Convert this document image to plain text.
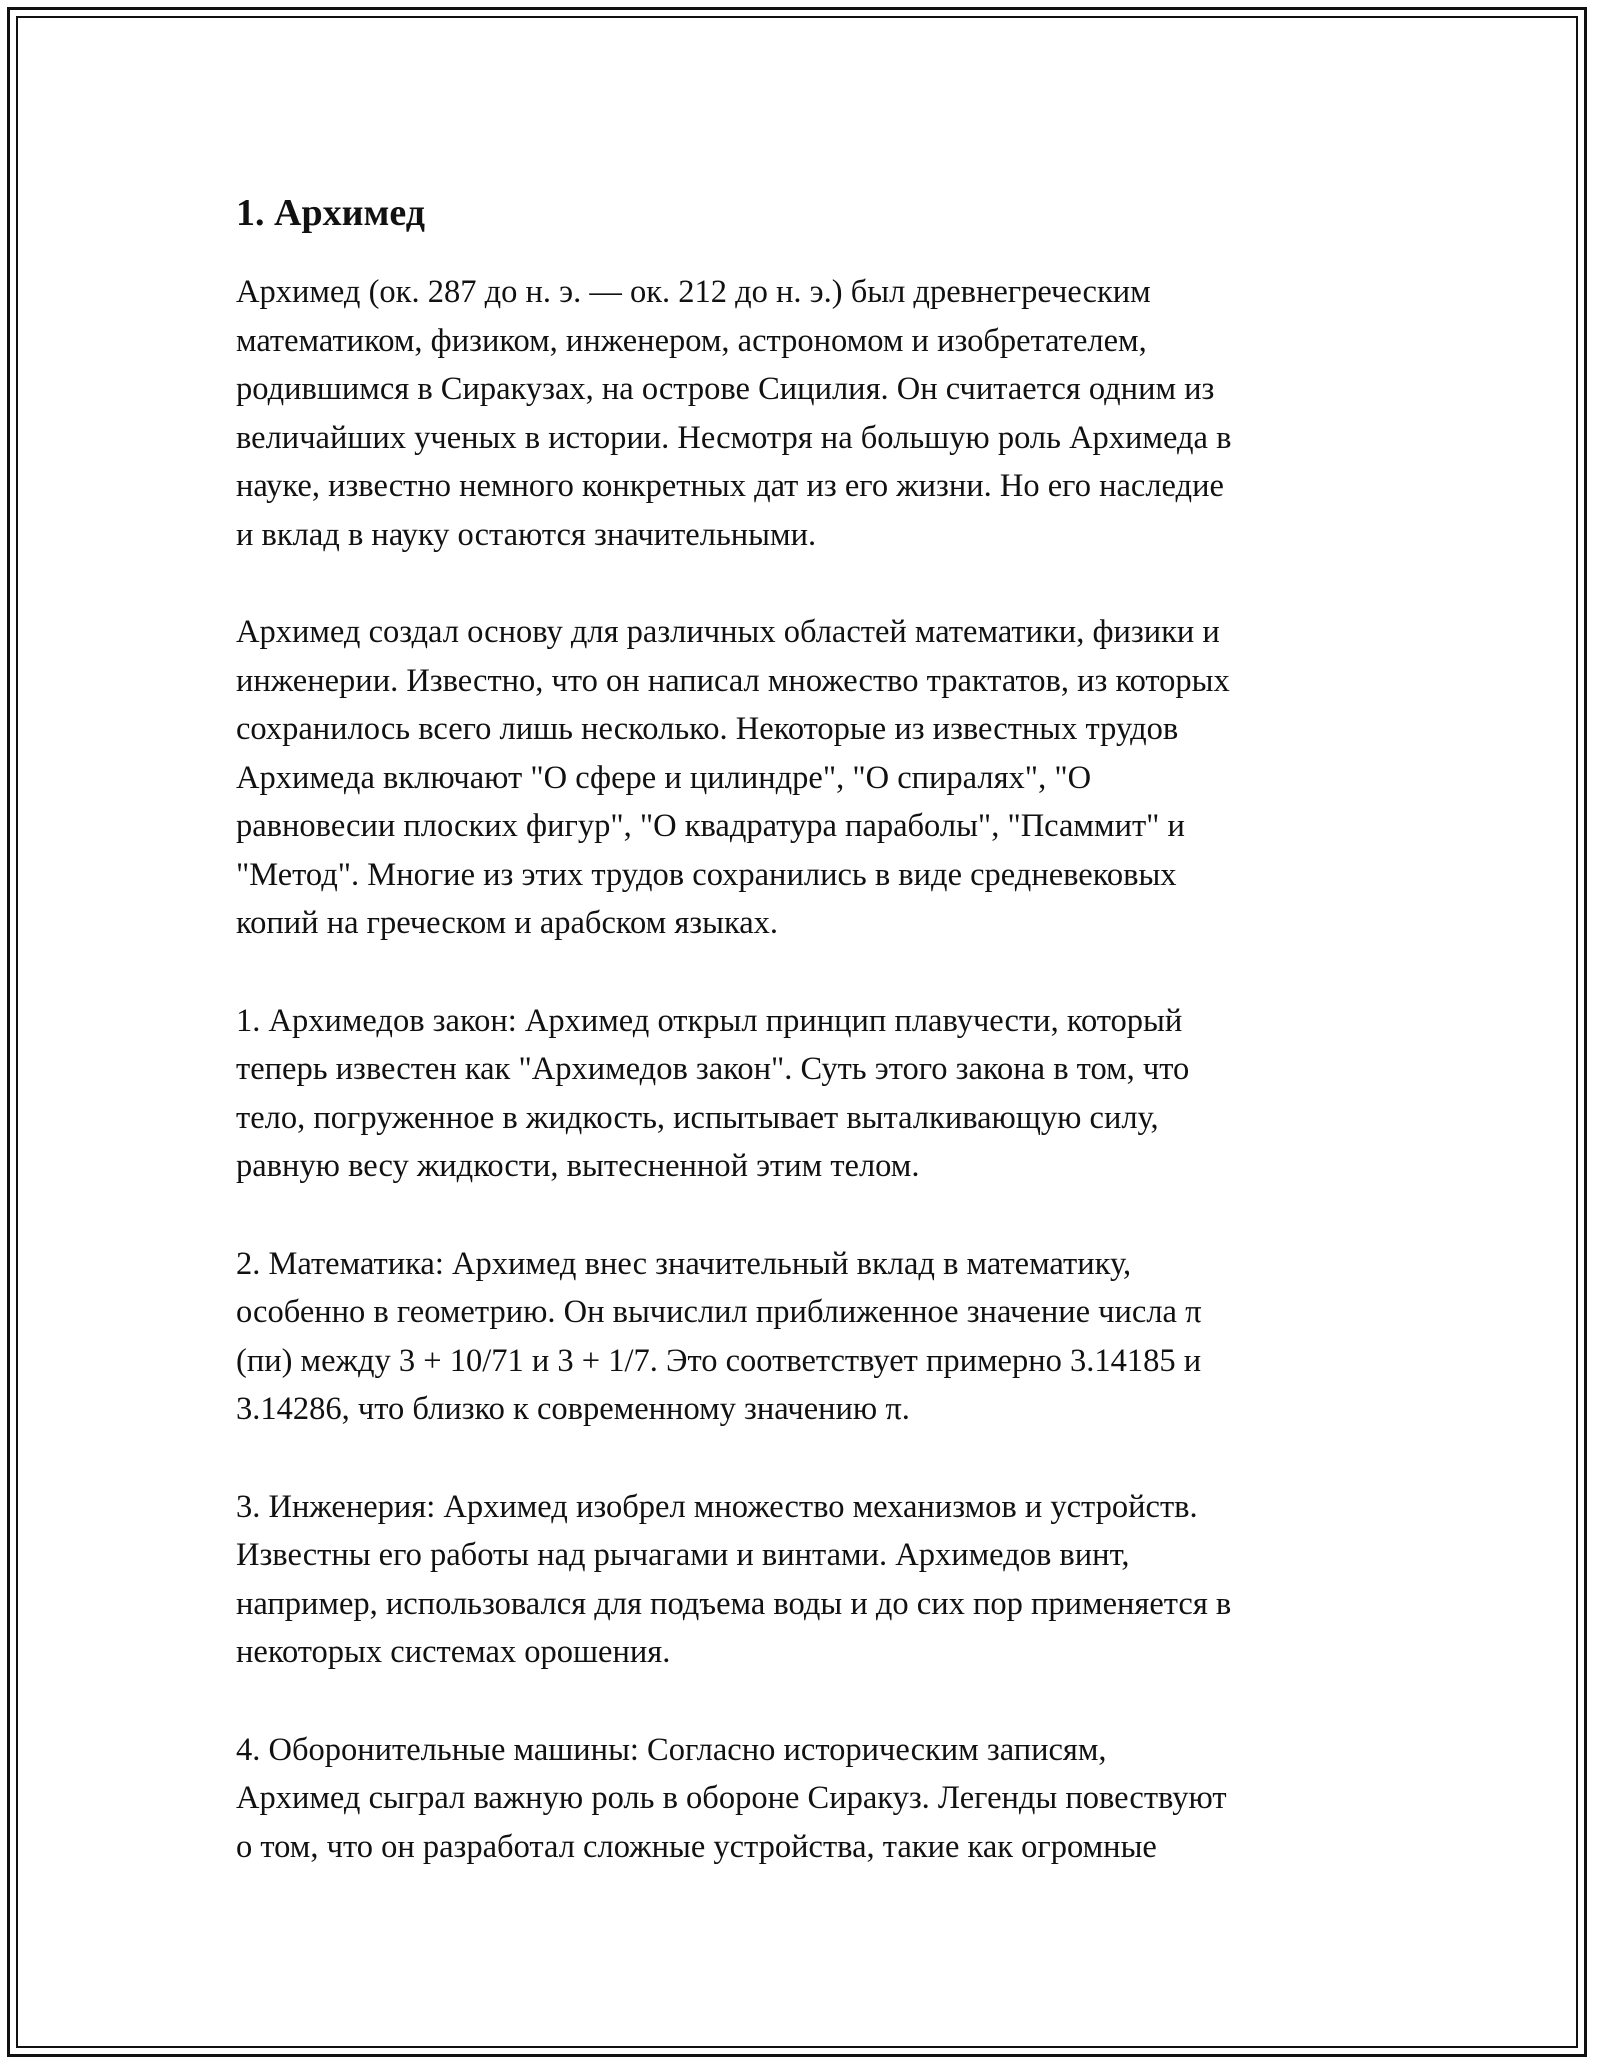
1. Архимед

Архимед (ок. 287 до н. э. — ок. 212 до н. э.) был древнегреческим
математиком, физиком, инженером, астрономом и изобретателем,
родившимся в Сиракузах, на острове Сицилия. Он считается одним из
величайших ученых в истории. Несмотря на большую роль Архимеда в
науке, известно немного конкретных дат из его жизни. Но его наследие
и вклад в науку остаются значительными.

Архимед создал основу для различных областей математики, физики и
инженерии. Известно, что он написал множество трактатов, из которых
сохранилось всего лишь несколько. Некоторые из известных трудов
Архимеда включают "О сфере и цилиндре", "О спиралях", "О
равновесии плоских фигур", "О квадратура параболы", "Псаммит" и
"Метод". Многие из этих трудов сохранились в виде средневековых
копий на греческом и арабском языках.

1. Архимедов закон: Архимед открыл принцип плавучести, который
теперь известен как "Архимедов закон". Суть этого закона в том, что
тело, погруженное в жидкость, испытывает выталкивающую силу,
равную весу жидкости, вытесненной этим телом.

2. Математика: Архимед внес значительный вклад в математику,
особенно в геометрию. Он вычислил приближенное значение числа π
(пи) между 3 + 10/71 и 3 + 1/7. Это соответствует примерно 3.14185 и
3.14286, что близко к современному значению π.

3. Инженерия: Архимед изобрел множество механизмов и устройств.
Известны его работы над рычагами и винтами. Архимедов винт,
например, использовался для подъема воды и до сих пор применяется в
некоторых системах орошения.

4. Оборонительные машины: Согласно историческим записям,
Архимед сыграл важную роль в обороне Сиракуз. Легенды повествуют
о том, что он разработал сложные устройства, такие как огромные
